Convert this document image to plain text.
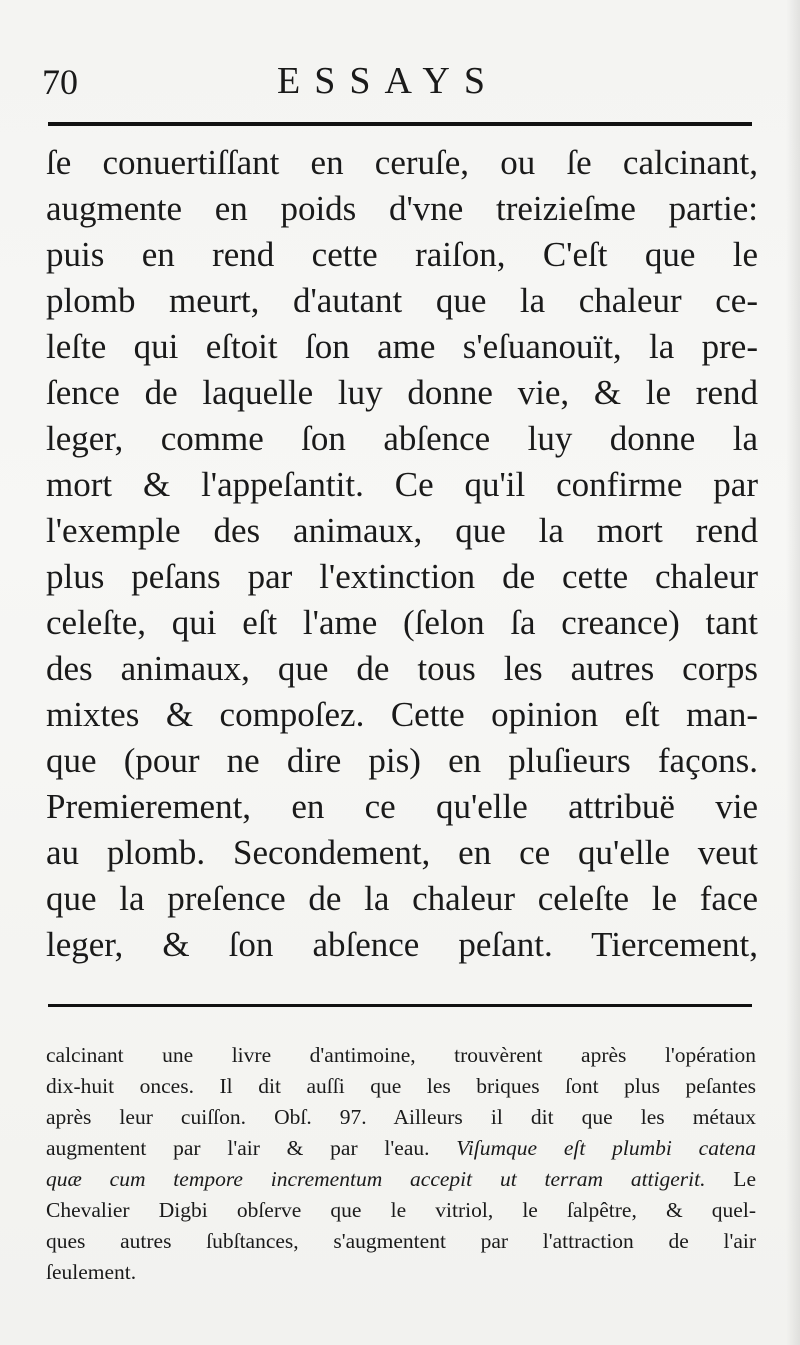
70	ESSAYS
ſe conuertiſſant en ceruſe, ou ſe calcinant,
augmente en poids d'vne treizieſme partie:
puis en rend cette raiſon, C'eſt que le
plomb meurt, d'autant que la chaleur ce-
leſte qui eſtoit ſon ame s'eſuanouït, la pre-
ſence de laquelle luy donne vie, & le rend
leger, comme ſon abſence luy donne la
mort & l'appeſantit. Ce qu'il confirme par
l'exemple des animaux, que la mort rend
plus peſans par l'extinction de cette chaleur
celeſte, qui eſt l'ame (ſelon ſa creance) tant
des animaux, que de tous les autres corps
mixtes & compoſez. Cette opinion eſt man-
que (pour ne dire pis) en pluſieurs façons.
Premierement, en ce qu'elle attribuë vie
au plomb. Secondement, en ce qu'elle veut
que la preſence de la chaleur celeſte le face
leger, & ſon abſence peſant. Tiercement,
calcinant une livre d'antimoine, trouvèrent après l'opération
dix-huit onces. Il dit auſſi que les briques ſont plus peſantes
après leur cuiſſon. Obſ. 97. Ailleurs il dit que les métaux
augmentent par l'air & par l'eau. Viſumque eſt plumbi catena
quæ cum tempore incrementum accepit ut terram attigerit. Le
Chevalier Digbi obſerve que le vitriol, le ſalpêtre, & quel-
ques autres ſubſtances, s'augmentent par l'attraction de l'air
ſeulement.
